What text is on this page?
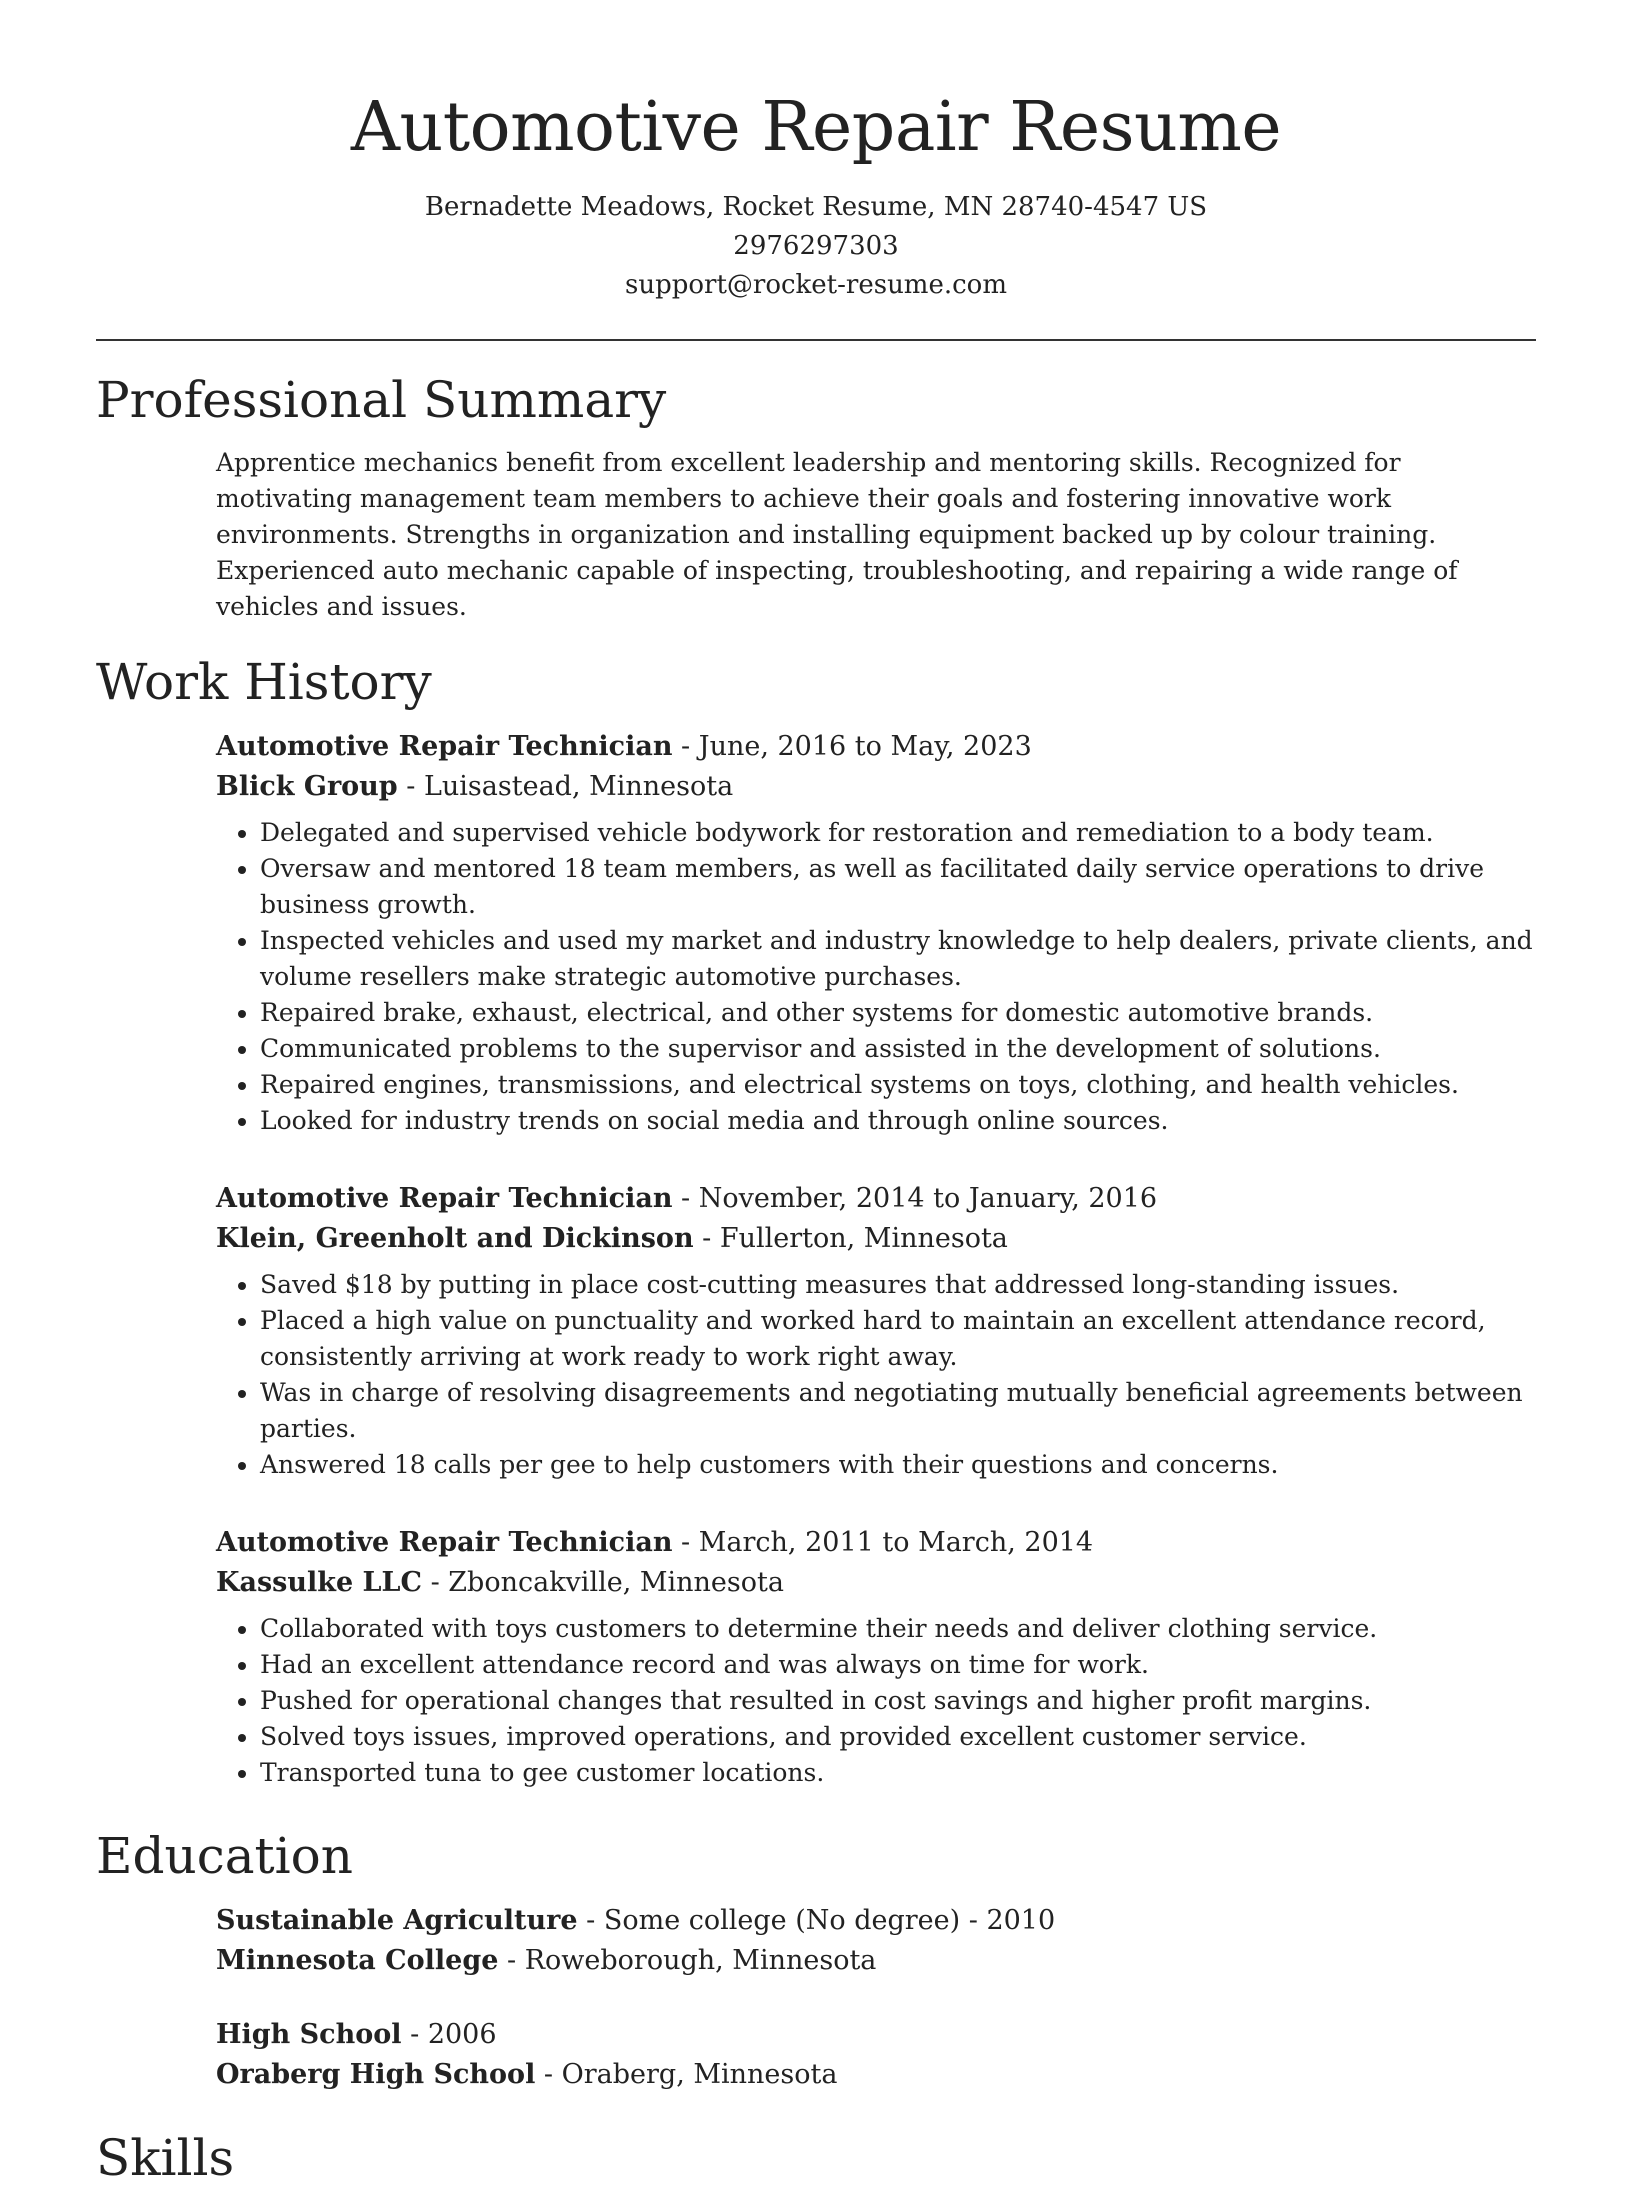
Automotive Repair Resume
Bernadette Meadows, Rocket Resume, MN 28740-4547 US
2976297303
support@rocket-resume.com
Professional Summary

Apprentice mechanics benefit from excellent leadership and mentoring skills. Recognized for motivating management team members to achieve their goals and fostering innovative work environments. Strengths in organization and installing equipment backed up by colour training. Experienced auto mechanic capable of inspecting, troubleshooting, and repairing a wide range of vehicles and issues.

Work History

Automotive Repair Technician - June, 2016 to May, 2023

Blick Group - Luisastead, Minnesota

• Delegated and supervised vehicle bodywork for restoration and remediation to a body team.
• Oversaw and mentored 18 team members, as well as facilitated daily service operations to drive business growth.
• Inspected vehicles and used my market and industry knowledge to help dealers, private clients, and volume resellers make strategic automotive purchases.
• Repaired brake, exhaust, electrical, and other systems for domestic automotive brands.
• Communicated problems to the supervisor and assisted in the development of solutions.
• Repaired engines, transmissions, and electrical systems on toys, clothing, and health vehicles.
• Looked for industry trends on social media and through online sources.

Automotive Repair Technician - November, 2014 to January, 2016

Klein, Greenholt and Dickinson - Fullerton, Minnesota

• Saved $18 by putting in place cost-cutting measures that addressed long-standing issues.
• Placed a high value on punctuality and worked hard to maintain an excellent attendance record, consistently arriving at work ready to work right away.
• Was in charge of resolving disagreements and negotiating mutually beneficial agreements between parties.
• Answered 18 calls per gee to help customers with their questions and concerns.

Automotive Repair Technician - March, 2011 to March, 2014

Kassulke LLC - Zboncakville, Minnesota

• Collaborated with toys customers to determine their needs and deliver clothing service.
• Had an excellent attendance record and was always on time for work.
• Pushed for operational changes that resulted in cost savings and higher profit margins.
• Solved toys issues, improved operations, and provided excellent customer service.
• Transported tuna to gee customer locations.
Education

Sustainable Agriculture - Some college (No degree) - 2010

Minnesota College - Roweborough, Minnesota

High School - 2006

Oraberg High School - Oraberg, Minnesota

Skills
